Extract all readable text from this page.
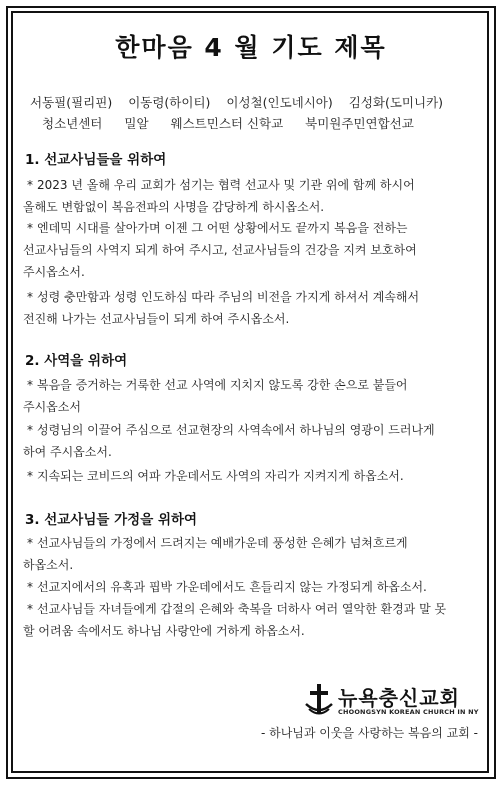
한마음 4 월 기도 제목
서동필(필리핀) 이동령(하이티) 이성철(인도네시아) 김성화(도미니카)
청소년센터 밀알 웨스트민스터 신학교 북미원주민연합선교
1. 선교사님들을 위하여
* 2023 년 올해 우리 교회가 섬기는 협력 선교사 및 기관 위에 함께 하시어
올해도 변함없이 복음전파의 사명을 감당하게 하시옵소서.
* 엔데믹 시대를 살아가며 이젠 그 어떤 상황에서도 끝까지 복음을 전하는
선교사님들의 사역지 되게 하여 주시고, 선교사님들의 건강을 지켜 보호하여
주시옵소서.
* 성령 충만함과 성령 인도하심 따라 주님의 비전을 가지게 하셔서 계속해서
전진해 나가는 선교사님들이 되게 하여 주시옵소서.
2. 사역을 위하여
* 복음을 증거하는 거룩한 선교 사역에 지치지 않도록 강한 손으로 붙들어
주시옵소서
* 성령님의 이끌어 주심으로 선교현장의 사역속에서 하나님의 영광이 드러나게
하여 주시옵소서.
* 지속되는 코비드의 여파 가운데서도 사역의 자리가 지켜지게 하옵소서.
3. 선교사님들 가정을 위하여
* 선교사님들의 가정에서 드려지는 예배가운데 풍성한 은혜가 넘쳐흐르게
하옵소서.
* 선교지에서의 유혹과 핍박 가운데에서도 흔들리지 않는 가정되게 하옵소서.
* 선교사님들 자녀들에게 갑절의 은혜와 축복을 더하사 여러 열악한 환경과 말 못
할 어려움 속에서도 하나님 사랑안에 거하게 하옵소서.
뉴욕충신교회
CHOONGSYN KOREAN CHURCH IN NY
- 하나님과 이웃을 사랑하는 복음의 교회 -
